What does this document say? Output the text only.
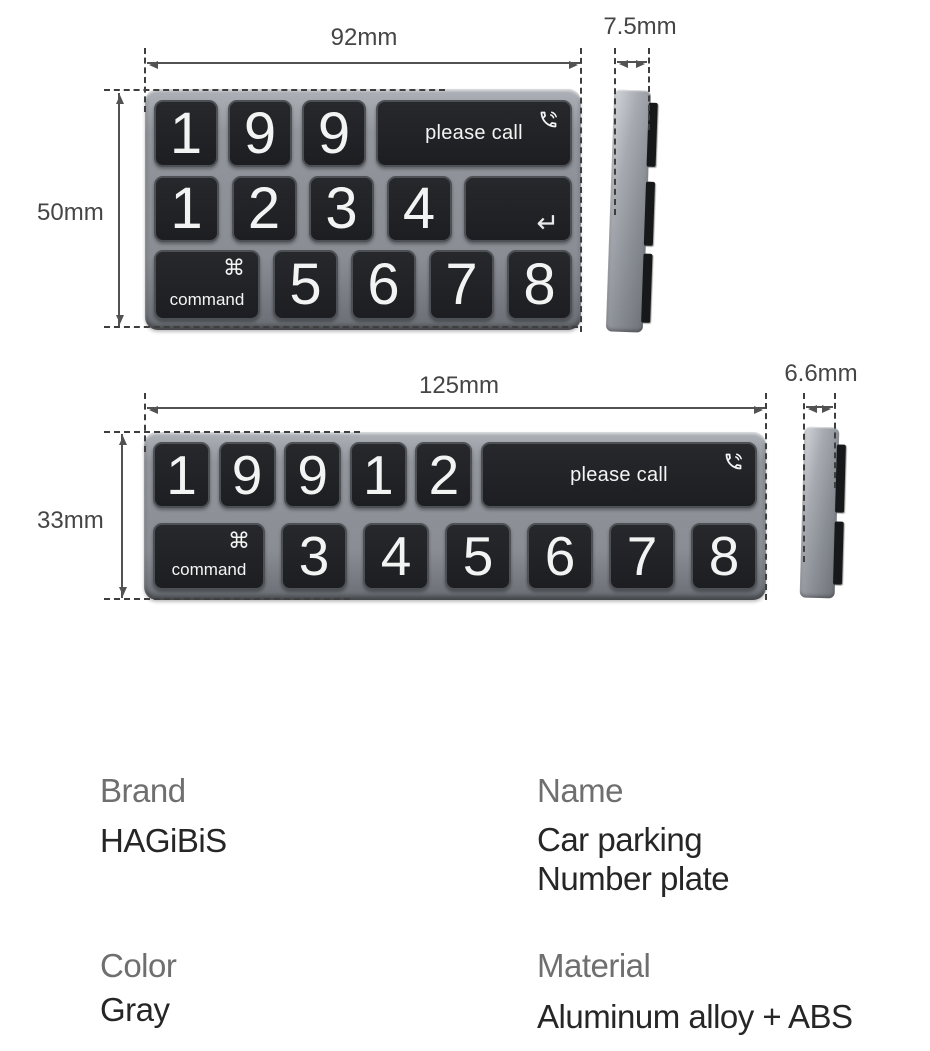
92mm
50mm
7.5mm
125mm
33mm
6.6mm
1 9 9	please call
1 2 3 4	↵
⌘
command 5 6 7 8
1 9 9 1 2	please call
⌘
command 3 4 5 6 7 8
Brand
HAGiBiS
Name
Car parking
Number plate
Color
Gray
Material
Aluminum alloy + ABS
